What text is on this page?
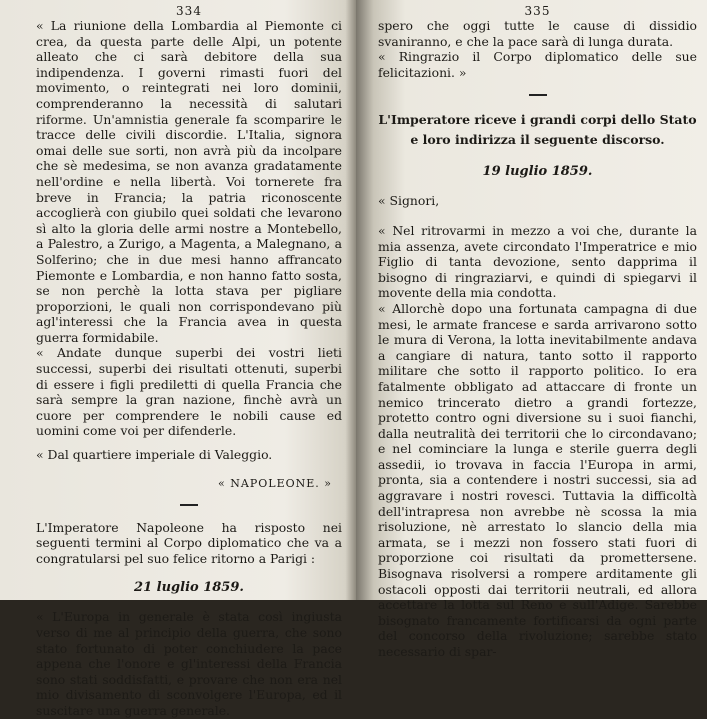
334

« La riunione della Lombardia al Piemonte ci crea, da questa parte delle Alpi, un potente alleato che ci sarà debitore della sua indipendenza. I governi rimasti fuori del movimento, o reintegrati nei loro dominii, comprenderanno la necessità di salutari riforme. Un'amnistia generale fa scomparire le tracce delle civili discordie. L'Italia, signora omai delle sue sorti, non avrà più da incolpare che sè medesima, se non avanza gradatamente nell'ordine e nella libertà. Voi tornerete fra breve in Francia; la patria riconoscente accoglierà con giubilo quei soldati che levarono sì alto la gloria delle armi nostre a Montebello, a Palestro, a Zurigo, a Magenta, a Malegnano, a Solferino; che in due mesi hanno affrancato Piemonte e Lombardia, e non hanno fatto sosta, se non perchè la lotta stava per pigliare proporzioni, le quali non corrispondevano più agl'interessi che la Francia avea in questa guerra formidabile.

« Andate dunque superbi dei vostri lieti successi, superbi dei risultati ottenuti, superbi di essere i figli prediletti di quella Francia che sarà sempre la gran nazione, finchè avrà un cuore per comprendere le nobili cause ed uomini come voi per difenderle.

« Dal quartiere imperiale di Valeggio.

« NAPOLEONE. »

L'Imperatore Napoleone ha risposto nei seguenti termini al Corpo diplomatico che va a congratularsi pel suo felice ritorno a Parigi :

21 luglio 1859.

« L'Europa in generale è stata così ingiusta verso di me al principio della guerra, che sono stato fortunato di poter conchiudere la pace appena che l'onore e gl'interessi della Francia sono stati soddisfatti, e provare che non era nel mio divisamento di sconvolgere l'Europa, ed il suscitare una guerra generale.

335

spero che oggi tutte le cause di dissidio svaniranno, e che la pace sarà di lunga durata.

« Ringrazio il Corpo diplomatico delle sue felicitazioni. »

L'Imperatore riceve i grandi corpi dello Stato e loro indirizza il seguente discorso.
19 luglio 1859.

« Signori,

« Nel ritrovarmi in mezzo a voi che, durante la mia assenza, avete circondato l'Imperatrice e mio Figlio di tanta devozione, sento dapprima il bisogno di ringraziarvi, e quindi di spiegarvi il movente della mia condotta.

« Allorchè dopo una fortunata campagna di due mesi, le armate francese e sarda arrivarono sotto le mura di Verona, la lotta inevitabilmente andava a cangiare di natura, tanto sotto il rapporto militare che sotto il rapporto politico. Io era fatalmente obbligato ad attaccare di fronte un nemico trincerato dietro a grandi fortezze, protetto contro ogni diversione su i suoi fianchi, dalla neutralità dei territorii che lo circondavano; e nel cominciare la lunga e sterile guerra degli assedii, io trovava in faccia l'Europa in armi, pronta, sia a contendere i nostri successi, sia ad aggravare i nostri rovesci. Tuttavia la difficoltà dell'intrapresa non avrebbe nè scossa la mia risoluzione, nè arrestato lo slancio della mia armata, se i mezzi non fossero stati fuori di proporzione coi risultati da promettersene. Bisognava risolversi a rompere arditamente gli ostacoli opposti dai territorii neutrali, ed allora accettare la lotta sul Reno e sull'Adige. Sarebbe bisognato francamente fortificarsi da ogni parte del concorso della rivoluzione; sarebbe stato necessario di spar-
